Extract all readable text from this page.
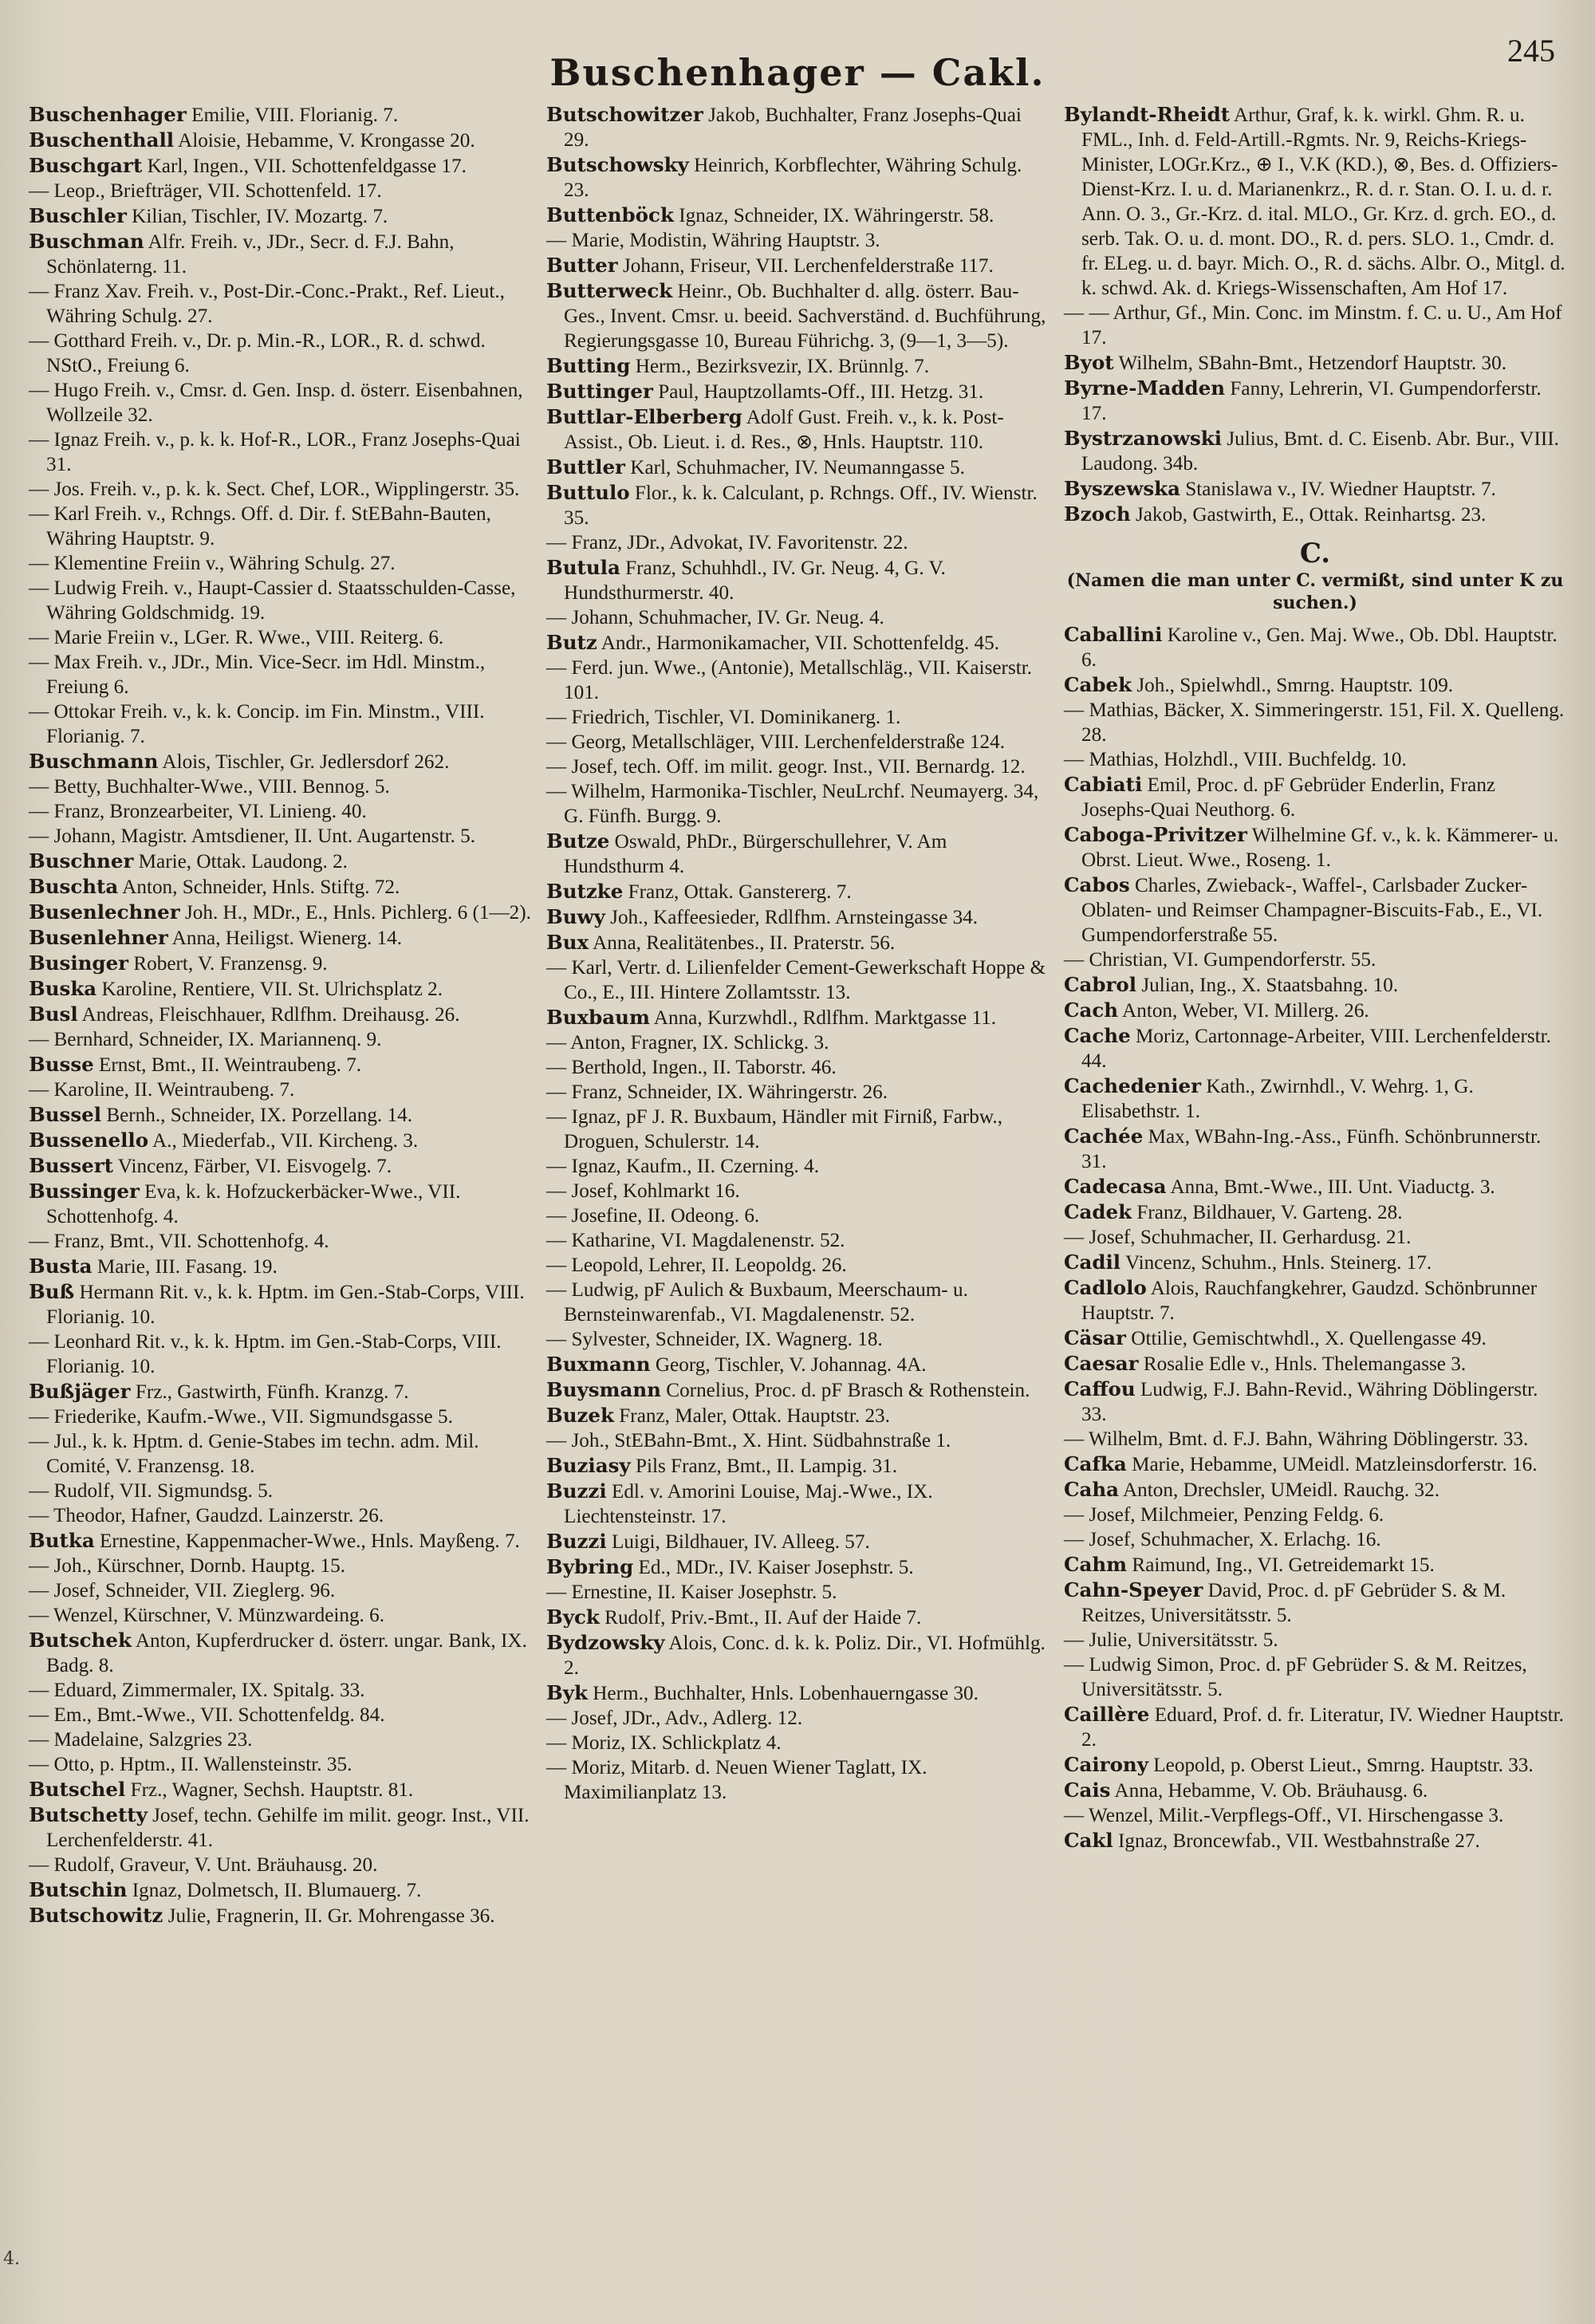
Buschenhager — Cakl.
245

Buschenhager Emilie, VIII. Florianig. 7.

Buschenthall Aloisie, Hebamme, V. Krongasse 20.

Buschgart Karl, Ingen., VII. Schottenfeldgasse 17.

— Leop., Briefträger, VII. Schottenfeld. 17.

Buschler Kilian, Tischler, IV. Mozartg. 7.

Buschman Alfr. Freih. v., JDr., Secr. d. F.J. Bahn, Schönlaterng. 11.

— Franz Xav. Freih. v., Post-Dir.-Conc.-Prakt., Ref. Lieut., Währing Schulg. 27.

— Gotthard Freih. v., Dr. p. Min.-R., LOR., R. d. schwd. NStO., Freiung 6.

— Hugo Freih. v., Cmsr. d. Gen. Insp. d. österr. Eisenbahnen, Wollzeile 32.

— Ignaz Freih. v., p. k. k. Hof-R., LOR., Franz Josephs-Quai 31.

— Jos. Freih. v., p. k. k. Sect. Chef, LOR., Wipplingerstr. 35.

— Karl Freih. v., Rchngs. Off. d. Dir. f. StEBahn-Bauten, Währing Hauptstr. 9.

— Klementine Freiin v., Währing Schulg. 27.

— Ludwig Freih. v., Haupt-Cassier d. Staatsschulden-Casse, Währing Goldschmidg. 19.

— Marie Freiin v., LGer. R. Wwe., VIII. Reiterg. 6.

— Max Freih. v., JDr., Min. Vice-Secr. im Hdl. Minstm., Freiung 6.

— Ottokar Freih. v., k. k. Concip. im Fin. Minstm., VIII. Florianig. 7.

Buschmann Alois, Tischler, Gr. Jedlersdorf 262.

— Betty, Buchhalter-Wwe., VIII. Bennog. 5.

— Franz, Bronzearbeiter, VI. Linieng. 40.

— Johann, Magistr. Amtsdiener, II. Unt. Augartenstr. 5.

Buschner Marie, Ottak. Laudong. 2.

Buschta Anton, Schneider, Hnls. Stiftg. 72.

Busenlechner Joh. H., MDr., E., Hnls. Pichlerg. 6 (1—2).

Busenlehner Anna, Heiligst. Wienerg. 14.

Businger Robert, V. Franzensg. 9.

Buska Karoline, Rentiere, VII. St. Ulrichsplatz 2.

Busl Andreas, Fleischhauer, Rdlfhm. Dreihausg. 26.

— Bernhard, Schneider, IX. Mariannenq. 9.

Busse Ernst, Bmt., II. Weintraubeng. 7.

— Karoline, II. Weintraubeng. 7.

Bussel Bernh., Schneider, IX. Porzellang. 14.

Bussenello A., Miederfab., VII. Kircheng. 3.

Bussert Vincenz, Färber, VI. Eisvogelg. 7.

Bussinger Eva, k. k. Hofzuckerbäcker-Wwe., VII. Schottenhofg. 4.

— Franz, Bmt., VII. Schottenhofg. 4.

Busta Marie, III. Fasang. 19.

Buß Hermann Rit. v., k. k. Hptm. im Gen.-Stab-Corps, VIII. Florianig. 10.

— Leonhard Rit. v., k. k. Hptm. im Gen.-Stab-Corps, VIII. Florianig. 10.

Bußjäger Frz., Gastwirth, Fünfh. Kranzg. 7.

— Friederike, Kaufm.-Wwe., VII. Sigmundsgasse 5.

— Jul., k. k. Hptm. d. Genie-Stabes im techn. adm. Mil. Comité, V. Franzensg. 18.

— Rudolf, VII. Sigmundsg. 5.

— Theodor, Hafner, Gaudzd. Lainzerstr. 26.

Butka Ernestine, Kappenmacher-Wwe., Hnls. Mayßeng. 7.

— Joh., Kürschner, Dornb. Hauptg. 15.

— Josef, Schneider, VII. Zieglerg. 96.

— Wenzel, Kürschner, V. Münzwardeing. 6.

Butschek Anton, Kupferdrucker d. österr. ungar. Bank, IX. Badg. 8.

— Eduard, Zimmermaler, IX. Spitalg. 33.

— Em., Bmt.-Wwe., VII. Schottenfeldg. 84.

— Madelaine, Salzgries 23.

— Otto, p. Hptm., II. Wallensteinstr. 35.

Butschel Frz., Wagner, Sechsh. Hauptstr. 81.

Butschetty Josef, techn. Gehilfe im milit. geogr. Inst., VII. Lerchenfelderstr. 41.

— Rudolf, Graveur, V. Unt. Bräuhausg. 20.

Butschin Ignaz, Dolmetsch, II. Blumauerg. 7.

Butschowitz Julie, Fragnerin, II. Gr. Mohrengasse 36.

Butschowitzer Jakob, Buchhalter, Franz Josephs-Quai 29.

Butschowsky Heinrich, Korbflechter, Währing Schulg. 23.

Buttenböck Ignaz, Schneider, IX. Währingerstr. 58.

— Marie, Modistin, Währing Hauptstr. 3.

Butter Johann, Friseur, VII. Lerchenfelderstraße 117.

Butterweck Heinr., Ob. Buchhalter d. allg. österr. Bau-Ges., Invent. Cmsr. u. beeid. Sachverständ. d. Buchführung, Regierungsgasse 10, Bureau Führichg. 3, (9—1, 3—5).

Butting Herm., Bezirksvezir, IX. Brünnlg. 7.

Buttinger Paul, Hauptzollamts-Off., III. Hetzg. 31.

Buttlar-Elberberg Adolf Gust. Freih. v., k. k. Post-Assist., Ob. Lieut. i. d. Res., ⊗, Hnls. Hauptstr. 110.

Buttler Karl, Schuhmacher, IV. Neumanngasse 5.

Buttulo Flor., k. k. Calculant, p. Rchngs. Off., IV. Wienstr. 35.

— Franz, JDr., Advokat, IV. Favoritenstr. 22.

Butula Franz, Schuhhdl., IV. Gr. Neug. 4, G. V. Hundsthurmerstr. 40.

— Johann, Schuhmacher, IV. Gr. Neug. 4.

Butz Andr., Harmonikamacher, VII. Schottenfeldg. 45.

— Ferd. jun. Wwe., (Antonie), Metallschläg., VII. Kaiserstr. 101.

— Friedrich, Tischler, VI. Dominikanerg. 1.

— Georg, Metallschläger, VIII. Lerchenfelderstraße 124.

— Josef, tech. Off. im milit. geogr. Inst., VII. Bernardg. 12.

— Wilhelm, Harmonika-Tischler, NeuLrchf. Neumayerg. 34, G. Fünfh. Burgg. 9.

Butze Oswald, PhDr., Bürgerschullehrer, V. Am Hundsthurm 4.

Butzke Franz, Ottak. Ganstererg. 7.

Buwy Joh., Kaffeesieder, Rdlfhm. Arnsteingasse 34.

Bux Anna, Realitätenbes., II. Praterstr. 56.

— Karl, Vertr. d. Lilienfelder Cement-Gewerkschaft Hoppe & Co., E., III. Hintere Zollamtsstr. 13.

Buxbaum Anna, Kurzwhdl., Rdlfhm. Marktgasse 11.

— Anton, Fragner, IX. Schlickg. 3.

— Berthold, Ingen., II. Taborstr. 46.

— Franz, Schneider, IX. Währingerstr. 26.

— Ignaz, pF J. R. Buxbaum, Händler mit Firniß, Farbw., Droguen, Schulerstr. 14.

— Ignaz, Kaufm., II. Czerning. 4.

— Josef, Kohlmarkt 16.

— Josefine, II. Odeong. 6.

— Katharine, VI. Magdalenenstr. 52.

— Leopold, Lehrer, II. Leopoldg. 26.

— Ludwig, pF Aulich & Buxbaum, Meerschaum- u. Bernsteinwarenfab., VI. Magdalenenstr. 52.

— Sylvester, Schneider, IX. Wagnerg. 18.

Buxmann Georg, Tischler, V. Johannag. 4A.

Buysmann Cornelius, Proc. d. pF Brasch & Rothenstein.

Buzek Franz, Maler, Ottak. Hauptstr. 23.

— Joh., StEBahn-Bmt., X. Hint. Südbahnstraße 1.

Buziasy Pils Franz, Bmt., II. Lampig. 31.

Buzzi Edl. v. Amorini Louise, Maj.-Wwe., IX. Liechtensteinstr. 17.

Buzzi Luigi, Bildhauer, IV. Alleeg. 57.

Bybring Ed., MDr., IV. Kaiser Josephstr. 5.

— Ernestine, II. Kaiser Josephstr. 5.

Byck Rudolf, Priv.-Bmt., II. Auf der Haide 7.

Bydzowsky Alois, Conc. d. k. k. Poliz. Dir., VI. Hofmühlg. 2.

Byk Herm., Buchhalter, Hnls. Lobenhauerngasse 30.

— Josef, JDr., Adv., Adlerg. 12.

— Moriz, IX. Schlickplatz 4.

— Moriz, Mitarb. d. Neuen Wiener Taglatt, IX. Maximilianplatz 13.

Bylandt-Rheidt Arthur, Graf, k. k. wirkl. Ghm. R. u. FML., Inh. d. Feld-Artill.-Rgmts. Nr. 9, Reichs-Kriegs-Minister, LOGr.Krz., ⊕ I., V.K (KD.), ⊗, Bes. d. Offiziers-Dienst-Krz. I. u. d. Marianenkrz., R. d. r. Stan. O. I. u. d. r. Ann. O. 3., Gr.-Krz. d. ital. MLO., Gr. Krz. d. grch. EO., d. serb. Tak. O. u. d. mont. DO., R. d. pers. SLO. 1., Cmdr. d. fr. ELeg. u. d. bayr. Mich. O., R. d. sächs. Albr. O., Mitgl. d. k. schwd. Ak. d. Kriegs-Wissenschaften, Am Hof 17.

— — Arthur, Gf., Min. Conc. im Minstm. f. C. u. U., Am Hof 17.

Byot Wilhelm, SBahn-Bmt., Hetzendorf Hauptstr. 30.

Byrne-Madden Fanny, Lehrerin, VI. Gumpendorferstr. 17.

Bystrzanowski Julius, Bmt. d. C. Eisenb. Abr. Bur., VIII. Laudong. 34b.

Byszewska Stanislawa v., IV. Wiedner Hauptstr. 7.

Bzoch Jakob, Gastwirth, E., Ottak. Reinhartsg. 23.

C.
(Namen die man unter C. vermißt, sind unter K zu suchen.)

Caballini Karoline v., Gen. Maj. Wwe., Ob. Dbl. Hauptstr. 6.

Cabek Joh., Spielwhdl., Smrng. Hauptstr. 109.

— Mathias, Bäcker, X. Simmeringerstr. 151, Fil. X. Quelleng. 28.

— Mathias, Holzhdl., VIII. Buchfeldg. 10.

Cabiati Emil, Proc. d. pF Gebrüder Enderlin, Franz Josephs-Quai Neuthorg. 6.

Caboga-Privitzer Wilhelmine Gf. v., k. k. Kämmerer- u. Obrst. Lieut. Wwe., Roseng. 1.

Cabos Charles, Zwieback-, Waffel-, Carlsbader Zucker-Oblaten- und Reimser Champagner-Biscuits-Fab., E., VI. Gumpendorferstraße 55.

— Christian, VI. Gumpendorferstr. 55.

Cabrol Julian, Ing., X. Staatsbahng. 10.

Cach Anton, Weber, VI. Millerg. 26.

Cache Moriz, Cartonnage-Arbeiter, VIII. Lerchenfelderstr. 44.

Cachedenier Kath., Zwirnhdl., V. Wehrg. 1, G. Elisabethstr. 1.

Cachée Max, WBahn-Ing.-Ass., Fünfh. Schönbrunnerstr. 31.

Cadecasa Anna, Bmt.-Wwe., III. Unt. Viaductg. 3.

Cadek Franz, Bildhauer, V. Garteng. 28.

— Josef, Schuhmacher, II. Gerhardusg. 21.

Cadil Vincenz, Schuhm., Hnls. Steinerg. 17.

Cadlolo Alois, Rauchfangkehrer, Gaudzd. Schönbrunner Hauptstr. 7.

Cäsar Ottilie, Gemischtwhdl., X. Quellengasse 49.

Caesar Rosalie Edle v., Hnls. Thelemangasse 3.

Caffou Ludwig, F.J. Bahn-Revid., Währing Döblingerstr. 33.

— Wilhelm, Bmt. d. F.J. Bahn, Währing Döblingerstr. 33.

Cafka Marie, Hebamme, UMeidl. Matzleinsdorferstr. 16.

Caha Anton, Drechsler, UMeidl. Rauchg. 32.

— Josef, Milchmeier, Penzing Feldg. 6.

— Josef, Schuhmacher, X. Erlachg. 16.

Cahm Raimund, Ing., VI. Getreidemarkt 15.

Cahn-Speyer David, Proc. d. pF Gebrüder S. & M. Reitzes, Universitätsstr. 5.

— Julie, Universitätsstr. 5.

— Ludwig Simon, Proc. d. pF Gebrüder S. & M. Reitzes, Universitätsstr. 5.

Caillère Eduard, Prof. d. fr. Literatur, IV. Wiedner Hauptstr. 2.

Cairony Leopold, p. Oberst Lieut., Smrng. Hauptstr. 33.

Cais Anna, Hebamme, V. Ob. Bräuhausg. 6.

— Wenzel, Milit.-Verpflegs-Off., VI. Hirschengasse 3.

Cakl Ignaz, Broncewfab., VII. Westbahnstraße 27.

4.
